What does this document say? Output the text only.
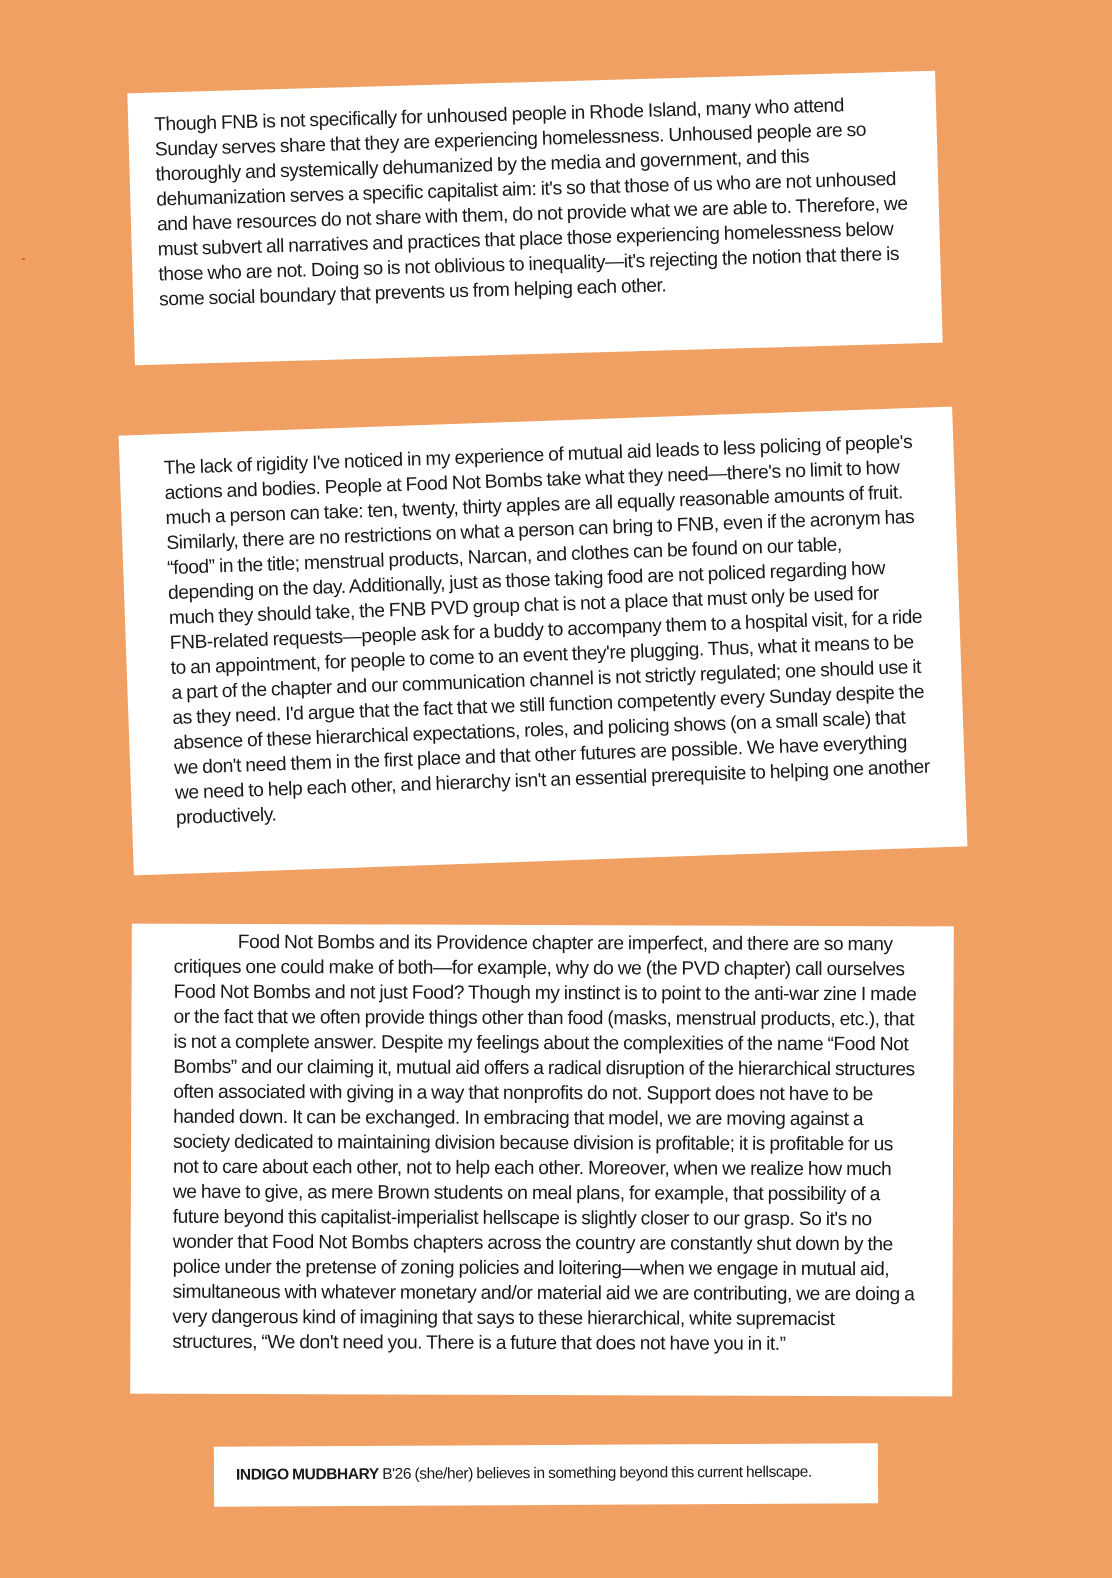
Though FNB is not specifically for unhoused people in Rhode Island, many who attend Sunday serves share that they are experiencing homelessness. Unhoused people are so thoroughly and systemically dehumanized by the media and government, and this dehumanization serves a specific capitalist aim: it's so that those of us who are not unhoused and have resources do not share with them, do not provide what we are able to. Therefore, we must subvert all narratives and practices that place those experiencing homelessness below those who are not. Doing so is not oblivious to inequality—it's rejecting the notion that there is some social boundary that prevents us from helping each other.

The lack of rigidity I've noticed in my experience of mutual aid leads to less policing of people's actions and bodies. People at Food Not Bombs take what they need—there's no limit to how much a person can take: ten, twenty, thirty apples are all equally reasonable amounts of fruit. Similarly, there are no restrictions on what a person can bring to FNB, even if the acronym has “food” in the title; menstrual products, Narcan, and clothes can be found on our table, depending on the day. Additionally, just as those taking food are not policed regarding how much they should take, the FNB PVD group chat is not a place that must only be used for FNB-related requests—people ask for a buddy to accompany them to a hospital visit, for a ride to an appointment, for people to come to an event they're plugging. Thus, what it means to be a part of the chapter and our communication channel is not strictly regulated; one should use it as they need. I'd argue that the fact that we still function competently every Sunday despite the absence of these hierarchical expectations, roles, and policing shows (on a small scale) that we don't need them in the first place and that other futures are possible. We have everything we need to help each other, and hierarchy isn't an essential prerequisite to helping one another productively.

Food Not Bombs and its Providence chapter are imperfect, and there are so many critiques one could make of both—for example, why do we (the PVD chapter) call ourselves Food Not Bombs and not just Food? Though my instinct is to point to the anti-war zine I made or the fact that we often provide things other than food (masks, menstrual products, etc.), that is not a complete answer. Despite my feelings about the complexities of the name “Food Not Bombs” and our claiming it, mutual aid offers a radical disruption of the hierarchical structures often associated with giving in a way that nonprofits do not. Support does not have to be handed down. It can be exchanged. In embracing that model, we are moving against a society dedicated to maintaining division because division is profitable; it is profitable for us not to care about each other, not to help each other. Moreover, when we realize how much we have to give, as mere Brown students on meal plans, for example, that possibility of a future beyond this capitalist-imperialist hellscape is slightly closer to our grasp. So it's no wonder that Food Not Bombs chapters across the country are constantly shut down by the police under the pretense of zoning policies and loitering—when we engage in mutual aid, simultaneous with whatever monetary and/or material aid we are contributing, we are doing a very dangerous kind of imagining that says to these hierarchical, white supremacist structures, “We don't need you. There is a future that does not have you in it.”

INDIGO MUDBHARY B'26 (she/her) believes in something beyond this current hellscape.
